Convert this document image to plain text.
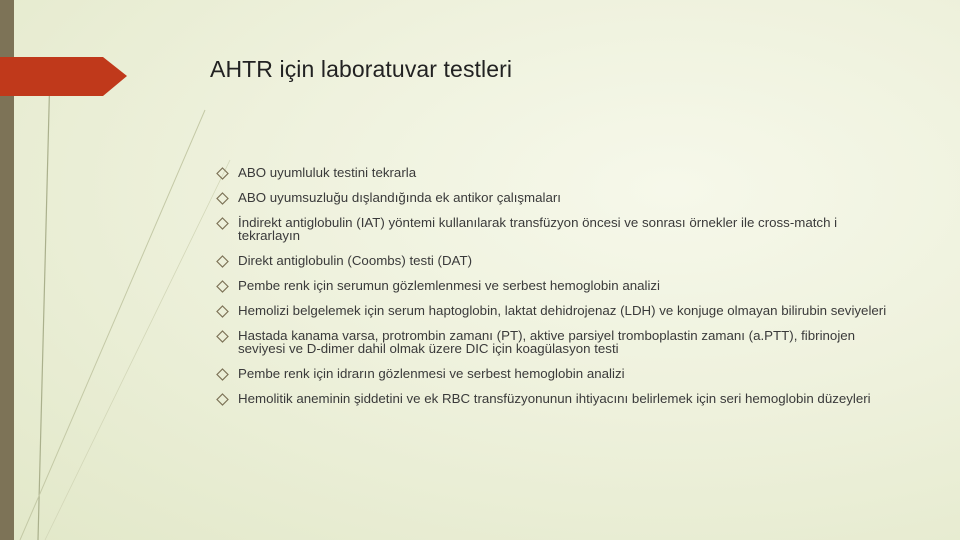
AHTR için laboratuvar testleri
ABO uyumluluk testini tekrarla
ABO uyumsuzluğu dışlandığında ek antikor çalışmaları
İndirekt antiglobulin (IAT) yöntemi kullanılarak transfüzyon öncesi ve sonrası örnekler ile cross-match i tekrarlayın
Direkt antiglobulin (Coombs) testi (DAT)
Pembe renk için serumun gözlemlenmesi ve serbest hemoglobin analizi
Hemolizi belgelemek için serum haptoglobin, laktat dehidrojenaz (LDH) ve konjuge olmayan bilirubin seviyeleri
Hastada kanama varsa, protrombin zamanı (PT), aktive parsiyel tromboplastin zamanı (a.PTT), fibrinojen seviyesi ve D-dimer dahil olmak üzere DIC için koagülasyon testi
Pembe renk için idrarın gözlenmesi ve serbest hemoglobin analizi
Hemolitik aneminin şiddetini ve ek RBC transfüzyonunun ihtiyacını belirlemek için seri hemoglobin düzeyleri
